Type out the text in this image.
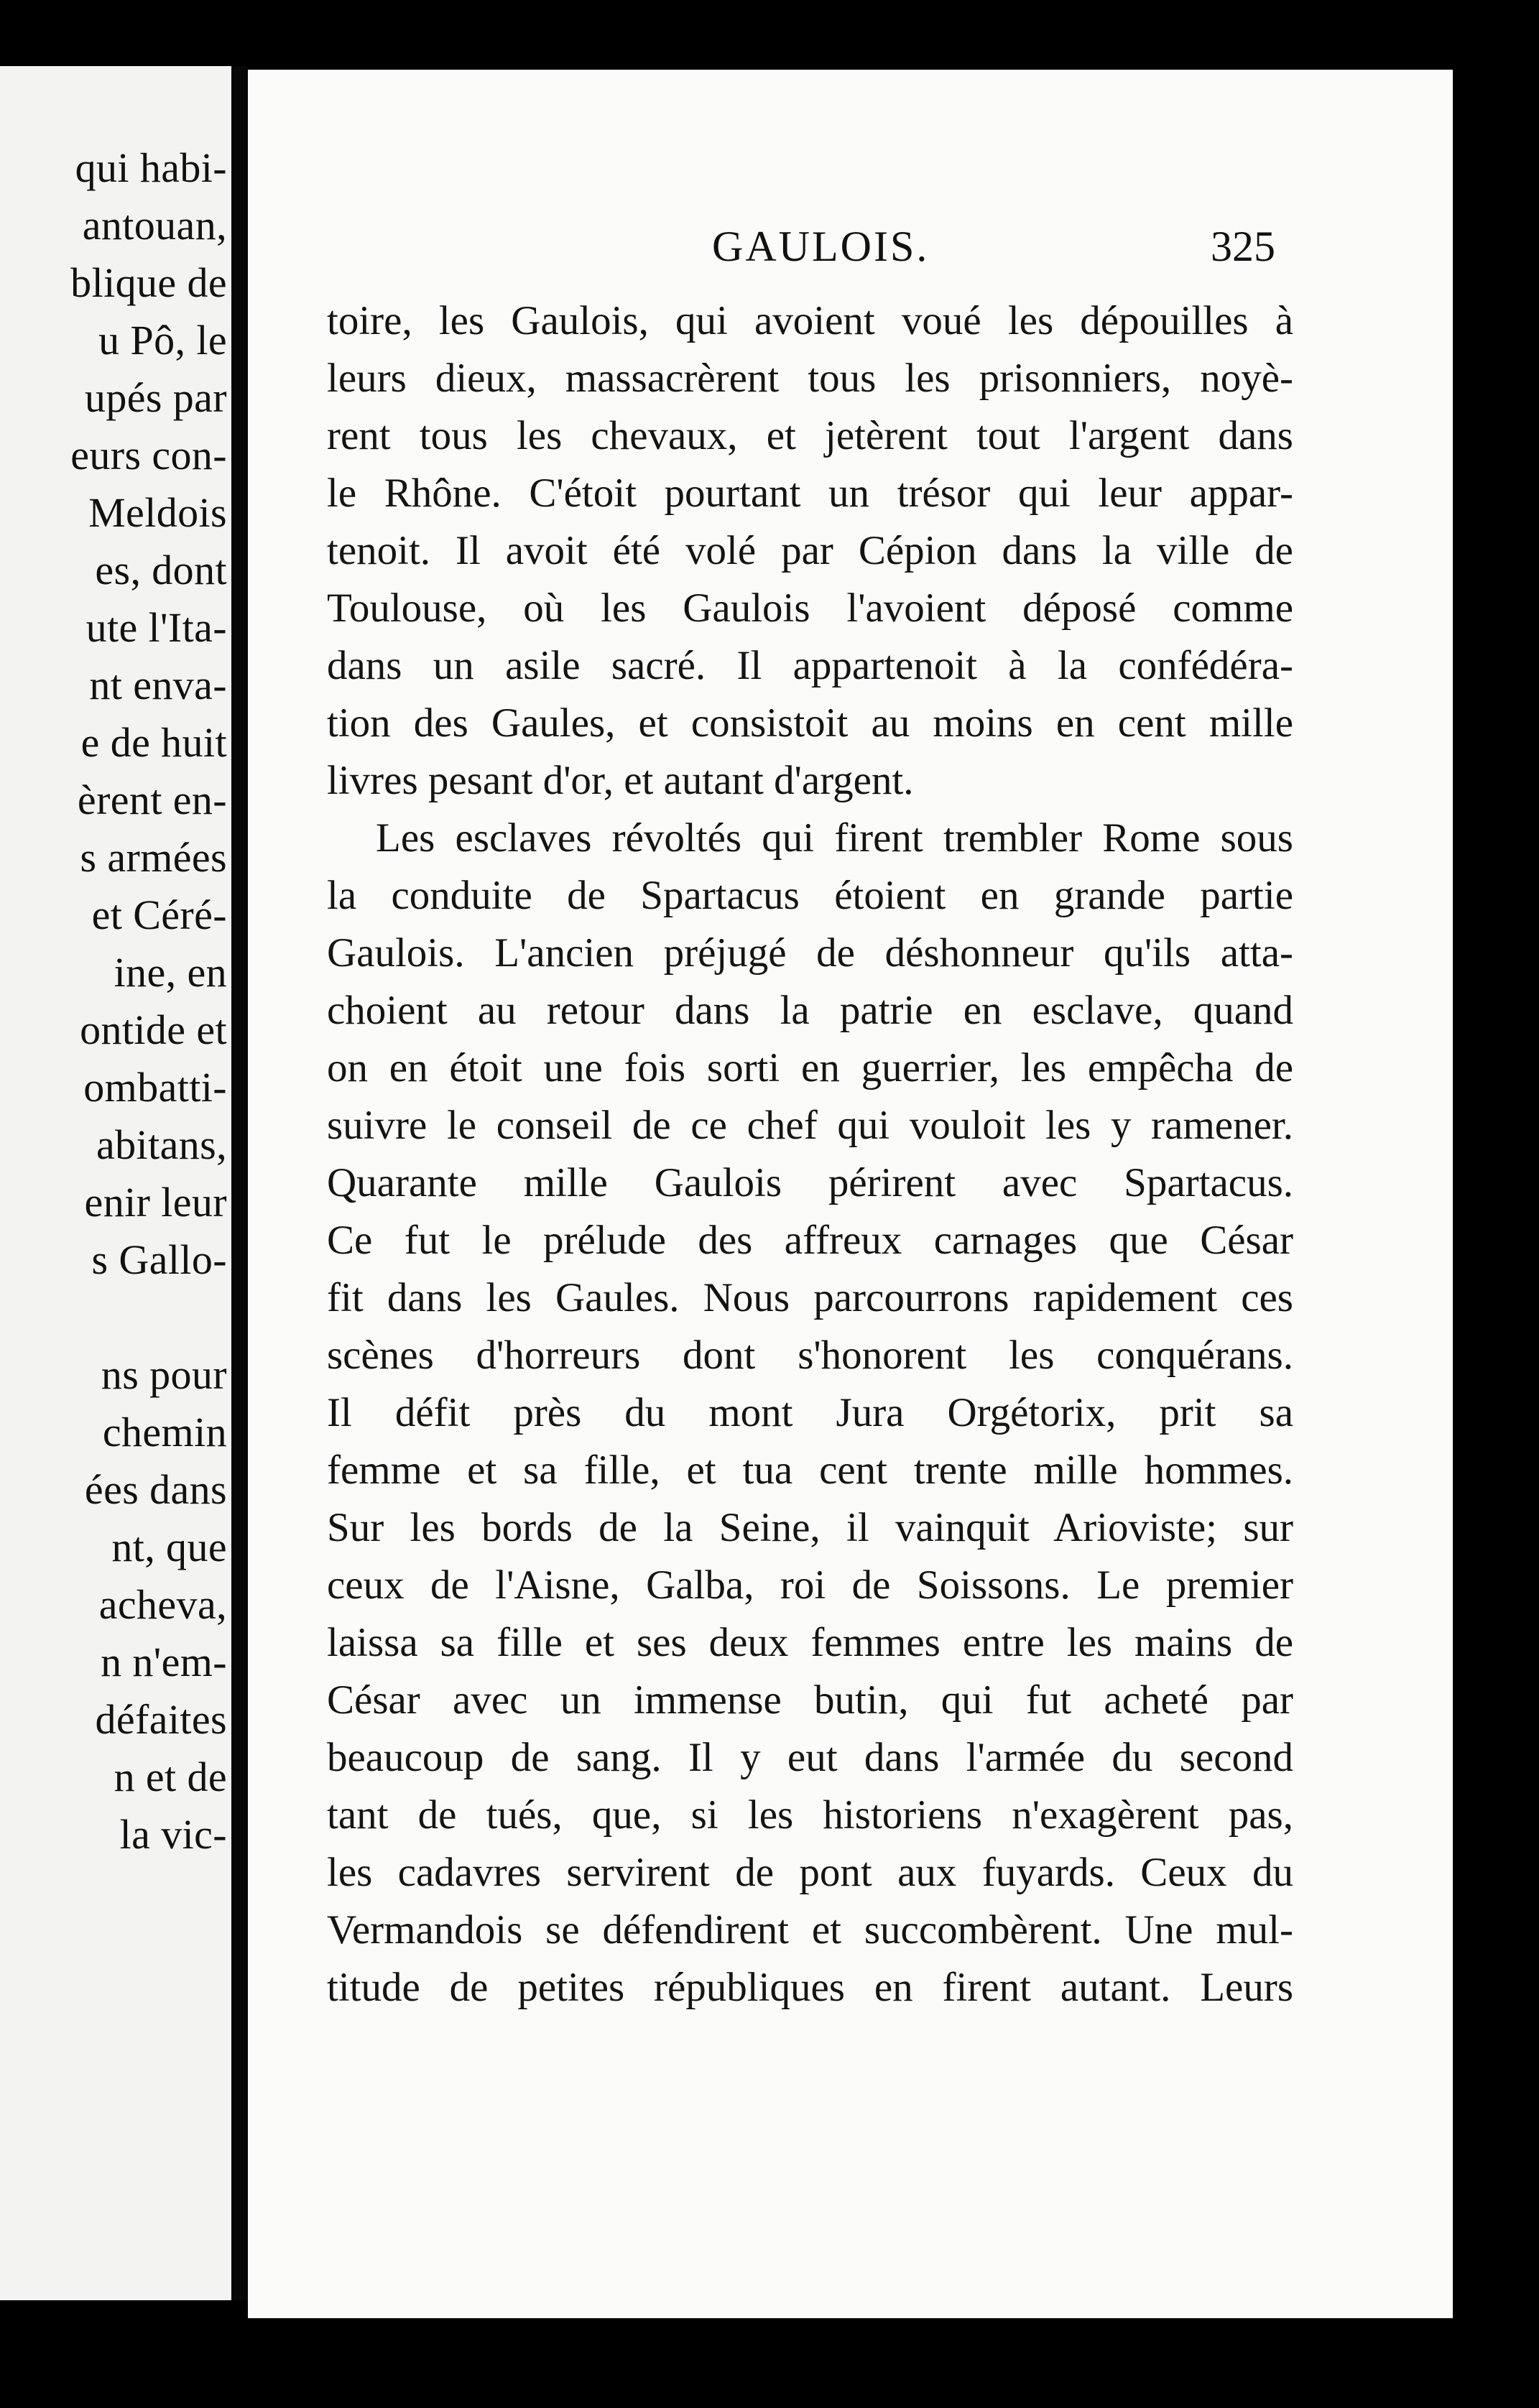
qui habi-
antouan,
blique de
u Pô, le
upés par
eurs con-
Meldois
es, dont
ute l'Ita-
nt enva-
e de huit
èrent en-
s armées
et Céré-
ine, en
ontide et
ombatti-
abitans,
enir leur
s Gallo-
ns pour
chemin
ées dans
nt, que
acheva,
n n'em-
défaites
n et de
la vic-
GAULOIS.	325
toire, les Gaulois, qui avoient voué les dépouilles à
leurs dieux, massacrèrent tous les prisonniers, noyè-
rent tous les chevaux, et jetèrent tout l'argent dans
le Rhône. C'étoit pourtant un trésor qui leur appar-
tenoit. Il avoit été volé par Cépion dans la ville de
Toulouse, où les Gaulois l'avoient déposé comme
dans un asile sacré. Il appartenoit à la confédéra-
tion des Gaules, et consistoit au moins en cent mille
livres pesant d'or, et autant d'argent.
Les esclaves révoltés qui firent trembler Rome sous
la conduite de Spartacus étoient en grande partie
Gaulois. L'ancien préjugé de déshonneur qu'ils atta-
choient au retour dans la patrie en esclave, quand
on en étoit une fois sorti en guerrier, les empêcha de
suivre le conseil de ce chef qui vouloit les y ramener.
Quarante mille Gaulois périrent avec Spartacus.
Ce fut le prélude des affreux carnages que César
fit dans les Gaules. Nous parcourrons rapidement ces
scènes d'horreurs dont s'honorent les conquérans.
Il défit près du mont Jura Orgétorix, prit sa
femme et sa fille, et tua cent trente mille hommes.
Sur les bords de la Seine, il vainquit Arioviste; sur
ceux de l'Aisne, Galba, roi de Soissons. Le premier
laissa sa fille et ses deux femmes entre les mains de
César avec un immense butin, qui fut acheté par
beaucoup de sang. Il y eut dans l'armée du second
tant de tués, que, si les historiens n'exagèrent pas,
les cadavres servirent de pont aux fuyards. Ceux du
Vermandois se défendirent et succombèrent. Une mul-
titude de petites républiques en firent autant. Leurs
